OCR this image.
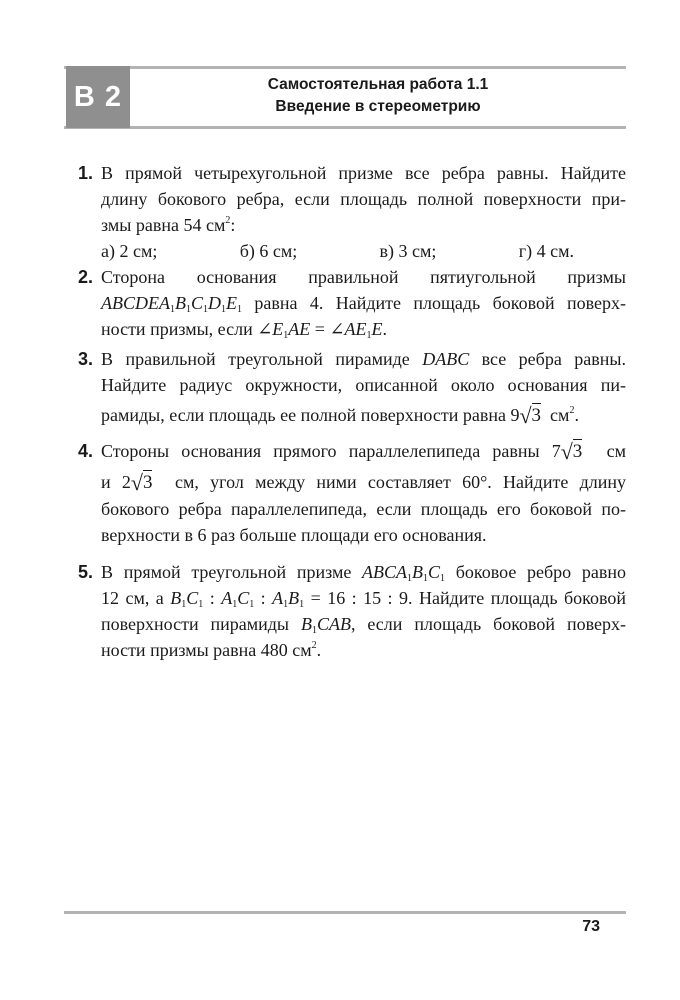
В 2	Самостоятельная работа 1.1
Введение в стереометрию
1. В прямой четырехугольной призме все ребра равны. Найдите
длину бокового ребра, если площадь полной поверхности при-
змы равна 54 $см^2$:
а) 2 см;	б) 6 см;	в) 3 см;	г) 4 см.
2. Сторона основания правильной пятиугольной призмы
$ABCDEA_1B_1C_1D_1E_1$ равна 4. Найдите площадь боковой поверх-
ности призмы, если $\angle E_1AE$ = $\angle AE_1E$.
3. В правильной треугольной пирамиде DABC все ребра равны.
Найдите радиус окружности, описанной около основания пи-
рамиды, если площадь ее полной поверхности равна 9√3 $см^2$.
4. Стороны основания прямого параллелепипеда равны 7√3 см
и 2√3 см, угол между ними составляет 60°. Найдите длину
бокового ребра параллелепипеда, если площадь его боковой по-
верхности в 6 раз больше площади его основания.
5. В прямой треугольной призме $ABCA_1B_1C_1$ боковое ребро равно
12 см, а $B_1C_1$ : $A_1C_1$ : $A_1B_1 = 16$ : 15 : 9. Найдите площадь боковой
поверхности пирамиды $B_1CAB$, если площадь боковой поверх-
ности призмы равна 480 $см^2$.
73
